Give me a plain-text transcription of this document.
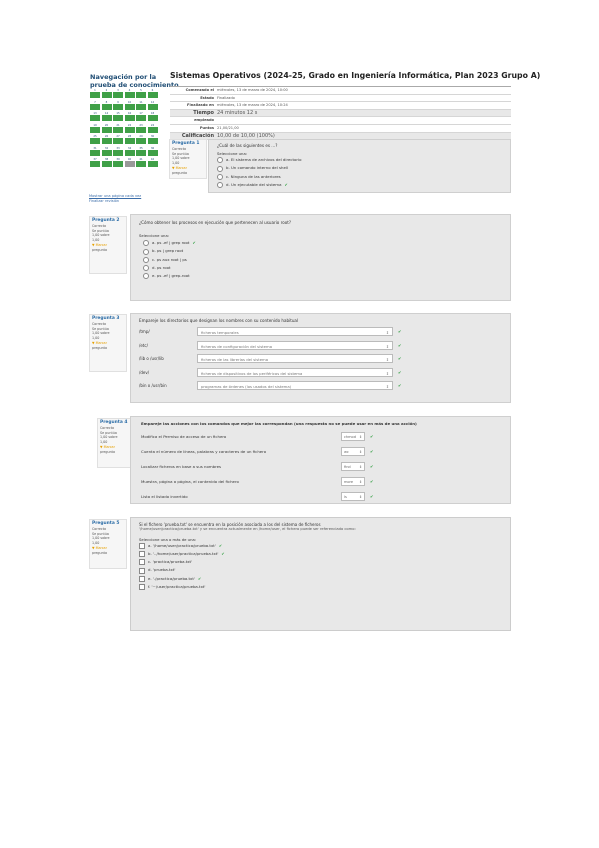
Navegación por la
prueba de conocimiento
1	2	3	4	5	6
7	8	9	10	11	12
13	14	15	16	17	18
19	20	21	22	23	24
25	26	27	28	29	30
31	32	33	34	35	36
37	38	39	40	41	42
Mostrar una página cada vez
Finalizar revisión
Sistemas Operativos (2024-25, Grado en Ingeniería Informática, Plan 2023 Grupo A)
Comenzado el miércoles, 13 de marzo de 2024, 10:00
Estado Finalizado
Finalizado en miércoles, 13 de marzo de 2024, 10:24
Tiempo 24 minutos 12 s
empleado
Puntos 21,00/21,00
Calificación 10,00 de 10,00 (100%)
Pregunta 1
Correcta
Se puntúa
1,00 sobre
1,00
▼ Marcar
pregunta
¿Cuál de las siguientes es ...?
Seleccione una:
a. El sistema de archivos del directorio
b. Un comando interno del shell
c. Ninguna de las anteriores
d. Un ejecutable del sistema ✔
Pregunta 2
Correcta
Se puntúa
1,00 sobre
1,00
▼ Marcar
pregunta
¿Cómo obtener los procesos en ejecución que pertenecen al usuario root?
Seleccione una:
a. ps -ef | grep root ✔
b. ps | grep root
c. ps aux root | ps
d. ps root
e. ps -ef | grep-root
Pregunta 3
Correcta
Se puntúa
1,00 sobre
1,00
▼ Marcar
pregunta
Empareje los directorios que designan los nombres con su contenido habitual
/tmp/	ficheros temporales	⇕	✔
/etc/	ficheros de configuración del sistema	⇕	✔
/lib o /usr/lib	ficheros de las librerías del sistema	⇕	✔
/dev/	ficheros de dispositivos de los periféricos del sistema	⇕	✔
/bin o /usr/bin	programas de órdenes (los usados del sistema)	⇕	✔
Pregunta 4
Correcta
Se puntúa
1,00 sobre
1,00
▼ Marcar
pregunta
Empareje las acciones con los comandos que mejor las correspondan (una respuesta no se puede usar en más de una acción)
Modifica el Permiso de acceso de un fichero	chmod ⇕	✔
Cuenta el número de líneas, palabras y caracteres de un fichero	wc	⇕	✔
Localizar ficheros en base a sus nombres	find ⇕	✔
Muestra, página a página, el contenido del fichero	more ⇕	✔
Lista el listado invertido	ls	⇕	✔
Pregunta 5
Correcta
Se puntúa
1,00 sobre
1,00
▼ Marcar
pregunta
Si el fichero 'prueba.txt' se encuentra en la posición asociada a los del sistema de ficheros
'/home/user/practica/prueba.txt' y se encuentra actualmente en /home/user, el fichero puede ser referenciado como:
Seleccione una o más de una:
a. '/home/user/practica/prueba.txt' ✔
b. '../home/user/practica/prueba.txt' ✔
c. 'practica/prueba.txt'
d. 'prueba.txt'
e. './practica/prueba.txt' ✔
f. '~/user/practica/prueba.txt'
